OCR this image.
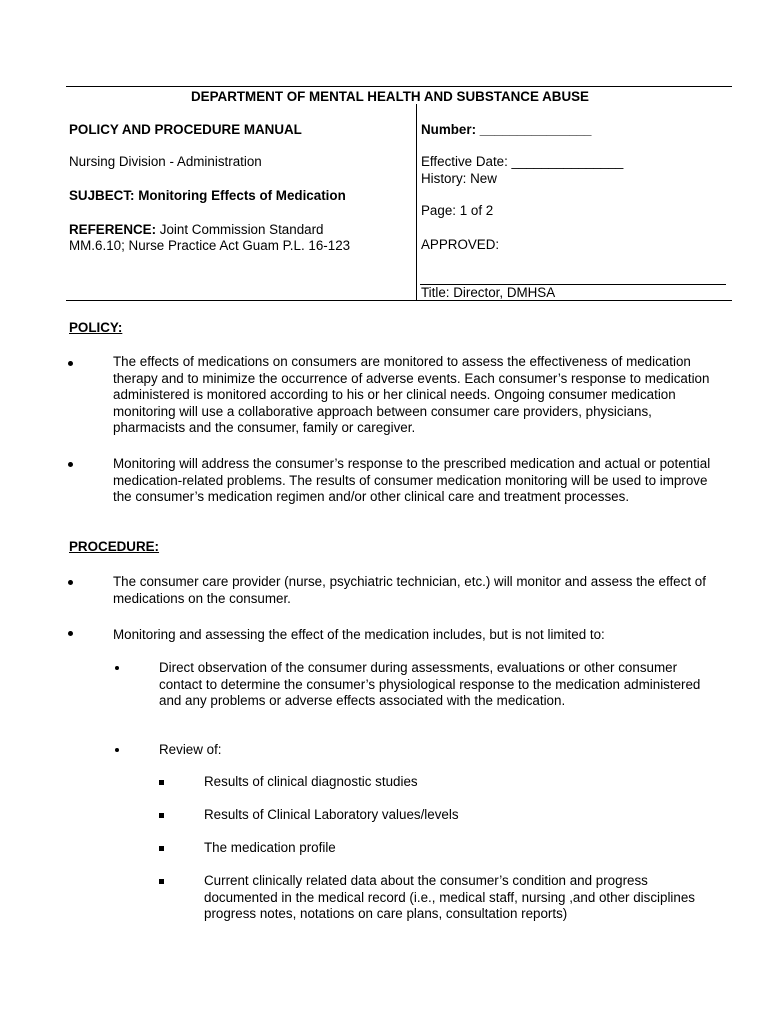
DEPARTMENT OF MENTAL HEALTH AND SUBSTANCE ABUSE
POLICY AND PROCEDURE MANUAL
Nursing Division - Administration
SUJBECT: Monitoring Effects of Medication
REFERENCE: Joint Commission Standard
MM.6.10; Nurse Practice Act Guam P.L. 16-123
Number: _______________
Effective Date: _______________
History: New
Page: 1 of 2
APPROVED:
Title: Director, DMHSA
POLICY:
The effects of medications on consumers are monitored to assess the effectiveness of medication therapy and to minimize the occurrence of adverse events. Each consumer’s response to medication administered is monitored according to his or her clinical needs. Ongoing consumer medication monitoring will use a collaborative approach between consumer care providers, physicians, pharmacists and the consumer, family or caregiver.
Monitoring will address the consumer’s response to the prescribed medication and actual or potential medication-related problems. The results of consumer medication monitoring will be used to improve the consumer’s medication regimen and/or other clinical care and treatment processes.
PROCEDURE:
The consumer care provider (nurse, psychiatric technician, etc.) will monitor and assess the effect of medications on the consumer.
Monitoring and assessing the effect of the medication includes, but is not limited to:
Direct observation of the consumer during assessments, evaluations or other consumer contact to determine the consumer’s physiological response to the medication administered and any problems or adverse effects associated with the medication.
Review of:
Results of clinical diagnostic studies
Results of Clinical Laboratory values/levels
The medication profile
Current clinically related data about the consumer’s condition and progress documented in the medical record (i.e., medical staff, nursing ,and other disciplines progress notes, notations on care plans, consultation reports)
